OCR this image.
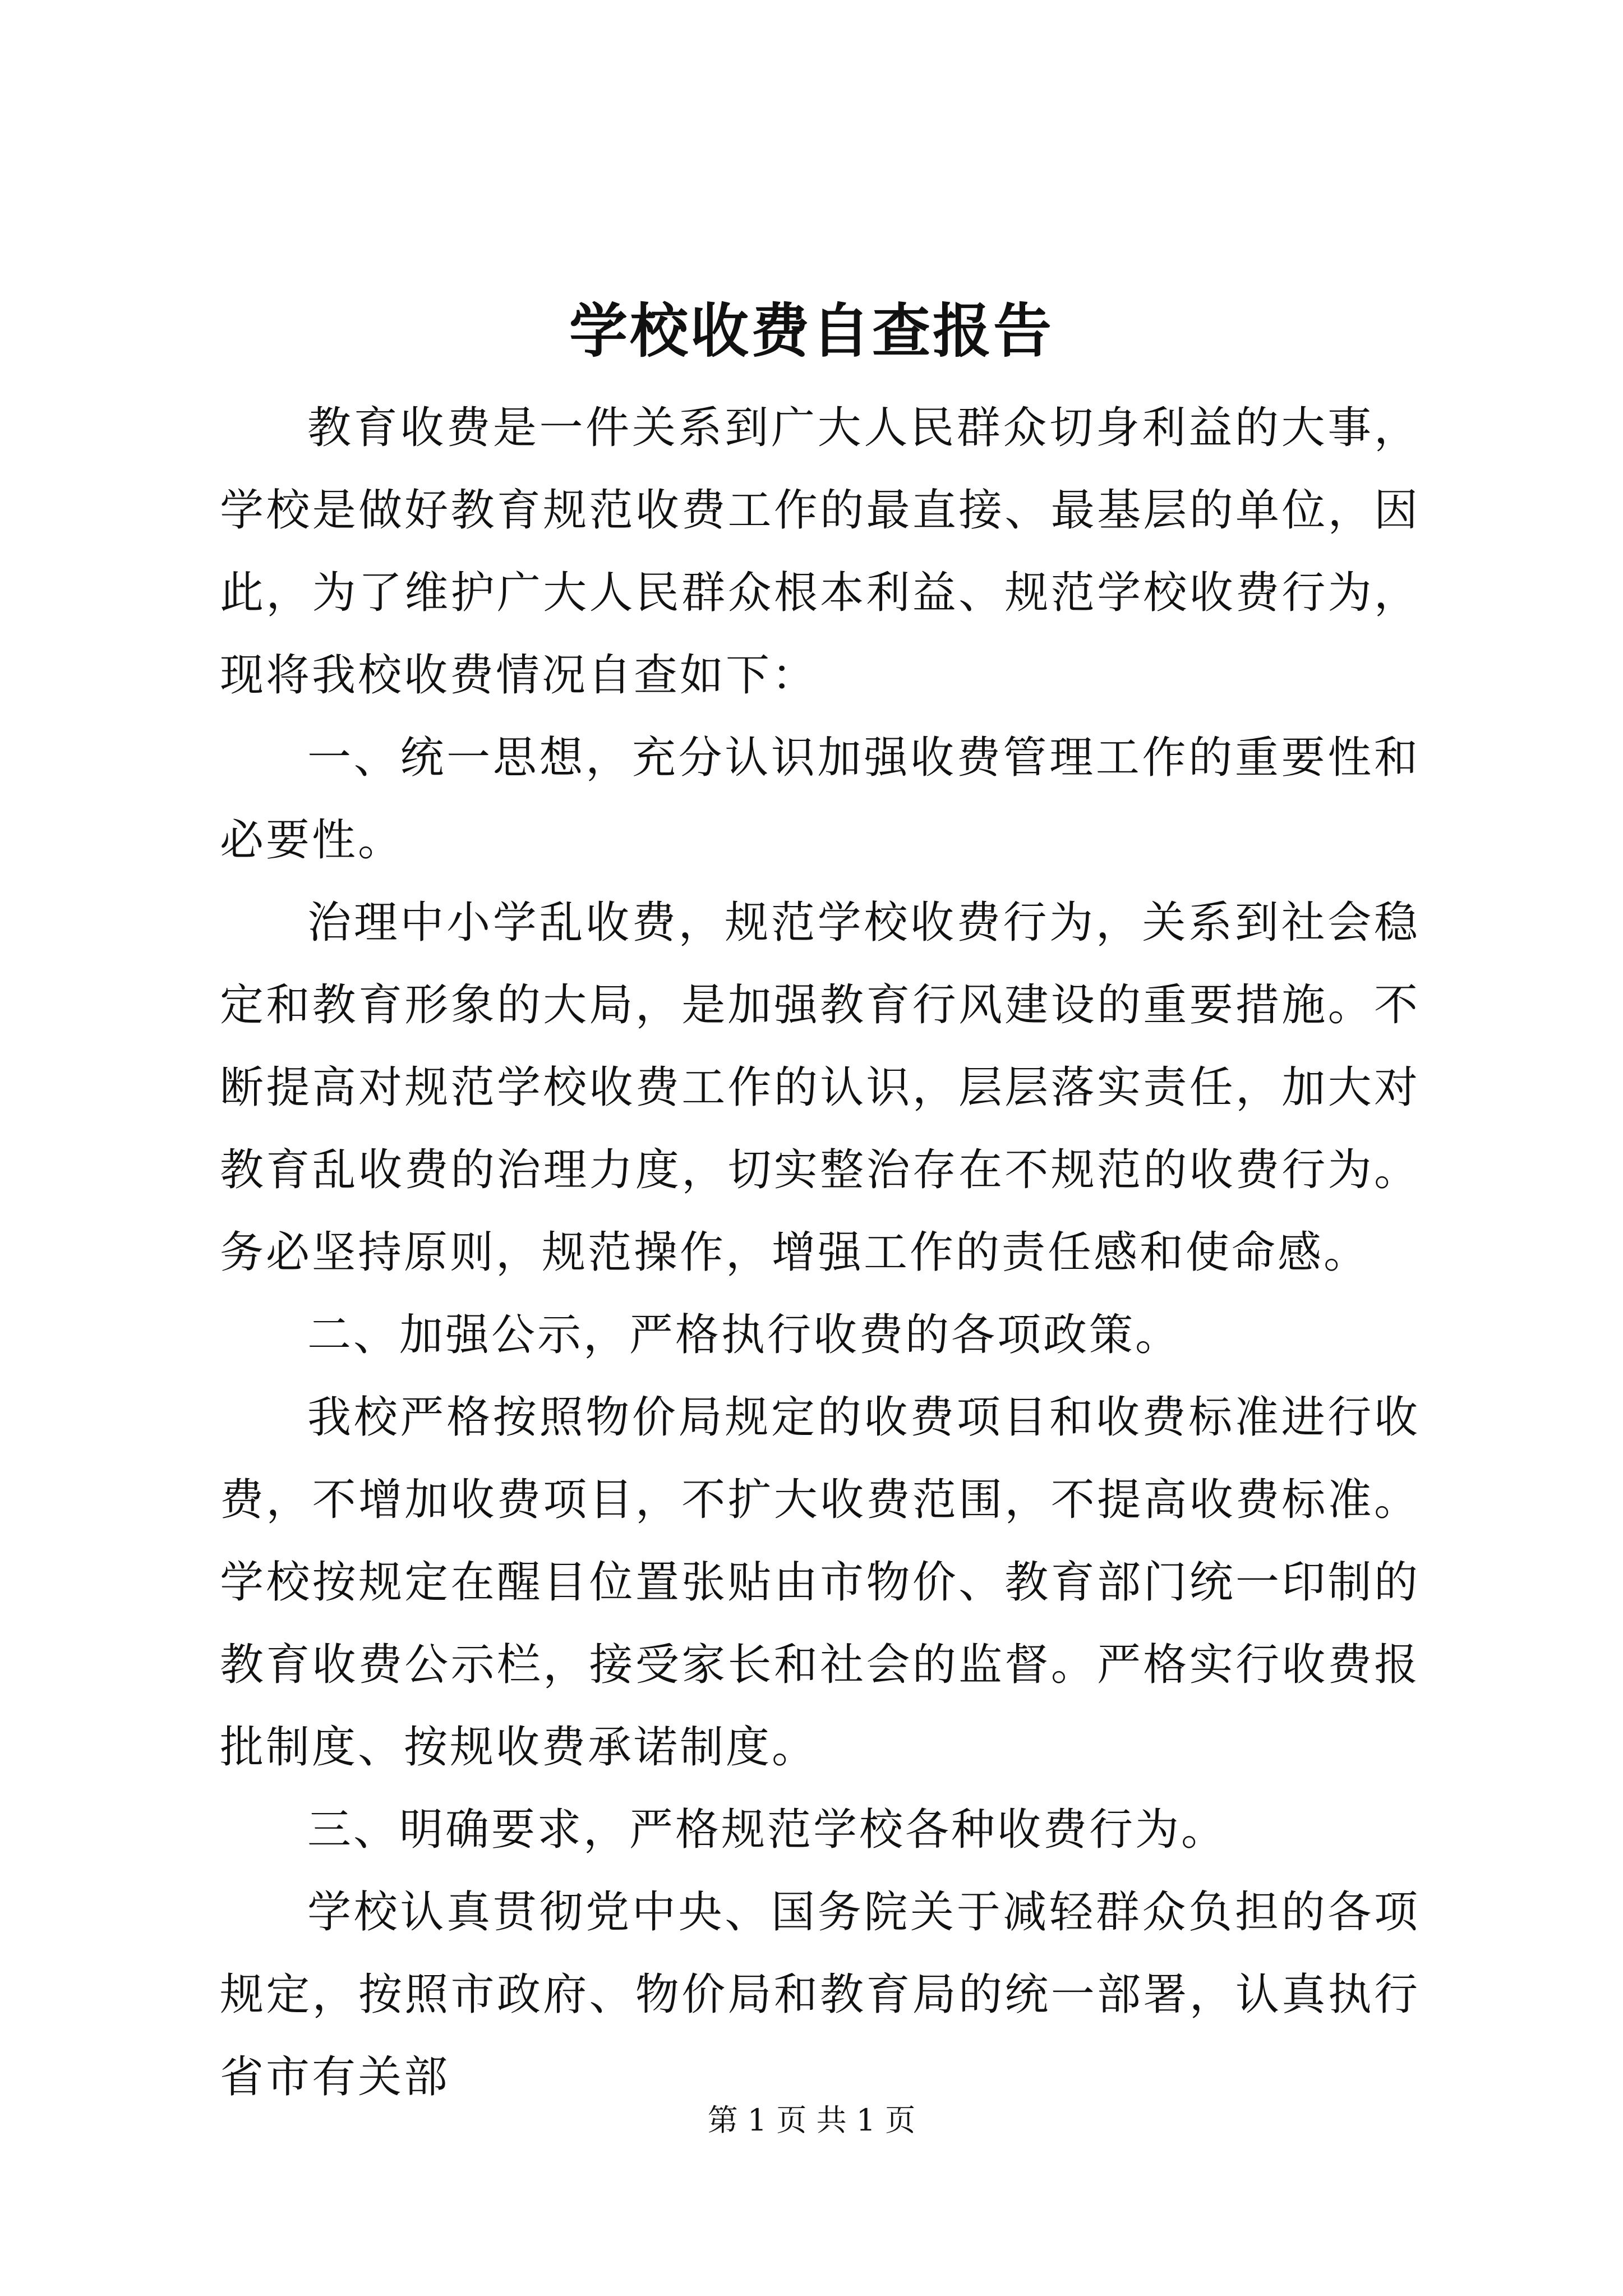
学校收费自查报告

教育收费是一件关系到广大人民群众切身利益的大事，学校是做好教育规范收费工作的最直接、最基层的单位，因此，为了维护广大人民群众根本利益、规范学校收费行为，现将我校收费情况自查如下：

一、统一思想，充分认识加强收费管理工作的重要性和必要性。

治理中小学乱收费，规范学校收费行为，关系到社会稳定和教育形象的大局，是加强教育行风建设的重要措施。不断提高对规范学校收费工作的认识，层层落实责任，加大对教育乱收费的治理力度，切实整治存在不规范的收费行为。务必坚持原则，规范操作，增强工作的责任感和使命感。

二、加强公示，严格执行收费的各项政策。

我校严格按照物价局规定的收费项目和收费标准进行收费，不增加收费项目，不扩大收费范围，不提高收费标准。学校按规定在醒目位置张贴由市物价、教育部门统一印制的教育收费公示栏，接受家长和社会的监督。严格实行收费报批制度、按规收费承诺制度。

三、明确要求，严格规范学校各种收费行为。

学校认真贯彻党中央、国务院关于减轻群众负担的各项规定，按照市政府、物价局和教育局的统一部署，认真执行省市有关部

第 1 页 共 1 页
